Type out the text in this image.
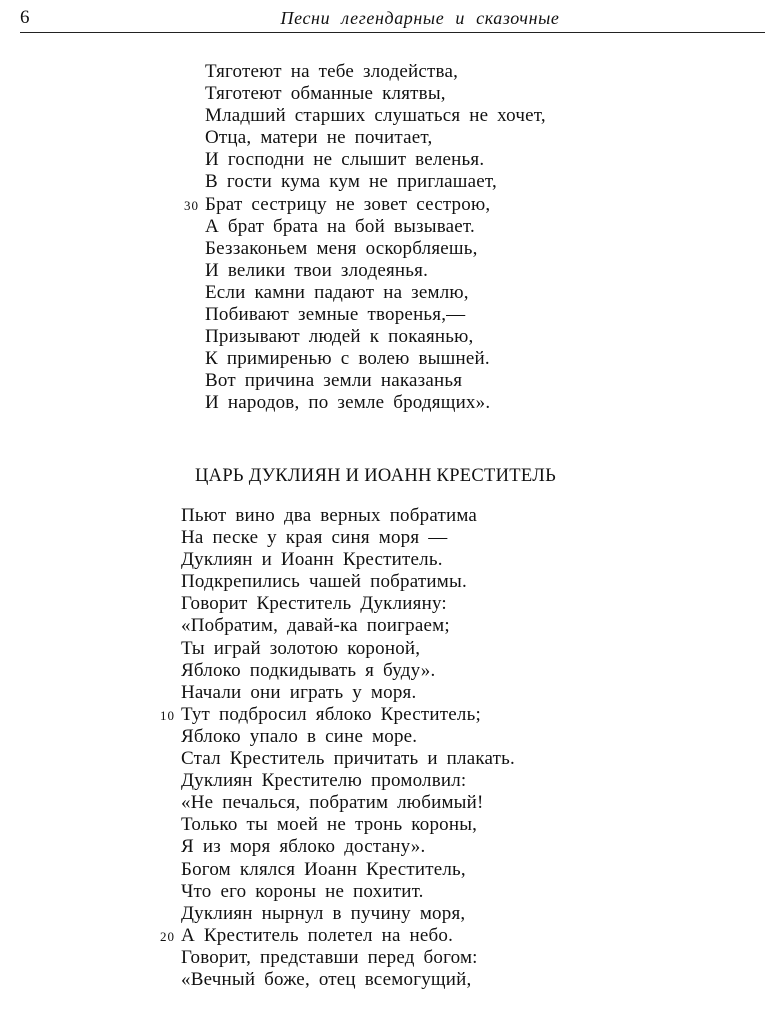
6	Песни легендарные и сказочные
Тяготеют на тебе злодейства,
Тяготеют обманные клятвы,
Младший старших слушаться не хочет,
Отца, матери не почитает,
И господни не слышит веленья.
В гости кума кум не приглашает,
30 Брат сестрицу не зовет сестрою,
А брат брата на бой вызывает.
Беззаконьем меня оскорбляешь,
И велики твои злодеянья.
Если камни падают на землю,
Побивают земные творенья,—
Призывают людей к покаянью,
К примиренью с волею вышней.
Вот причина земли наказанья
И народов, по земле бродящих».
ЦАРЬ ДУКЛИЯН И ИОАНН КРЕСТИТЕЛЬ
Пьют вино два верных побратима
На песке у края синя моря —
Дуклиян и Иоанн Креститель.
Подкрепились чашей побратимы.
Говорит Креститель Дуклияну:
«Побратим, давай-ка поиграем;
Ты играй золотою короной,
Яблоко подкидывать я буду».
Начали они играть у моря.
10 Тут подбросил яблоко Креститель;
Яблоко упало в сине море.
Стал Креститель причитать и плакать.
Дуклиян Крестителю промолвил:
«Не печалься, побратим любимый!
Только ты моей не тронь короны,
Я из моря яблоко достану».
Богом клялся Иоанн Креститель,
Что его короны не похитит.
Дуклиян нырнул в пучину моря,
20 А Креститель полетел на небо.
Говорит, представши перед богом:
«Вечный боже, отец всемогущий,
